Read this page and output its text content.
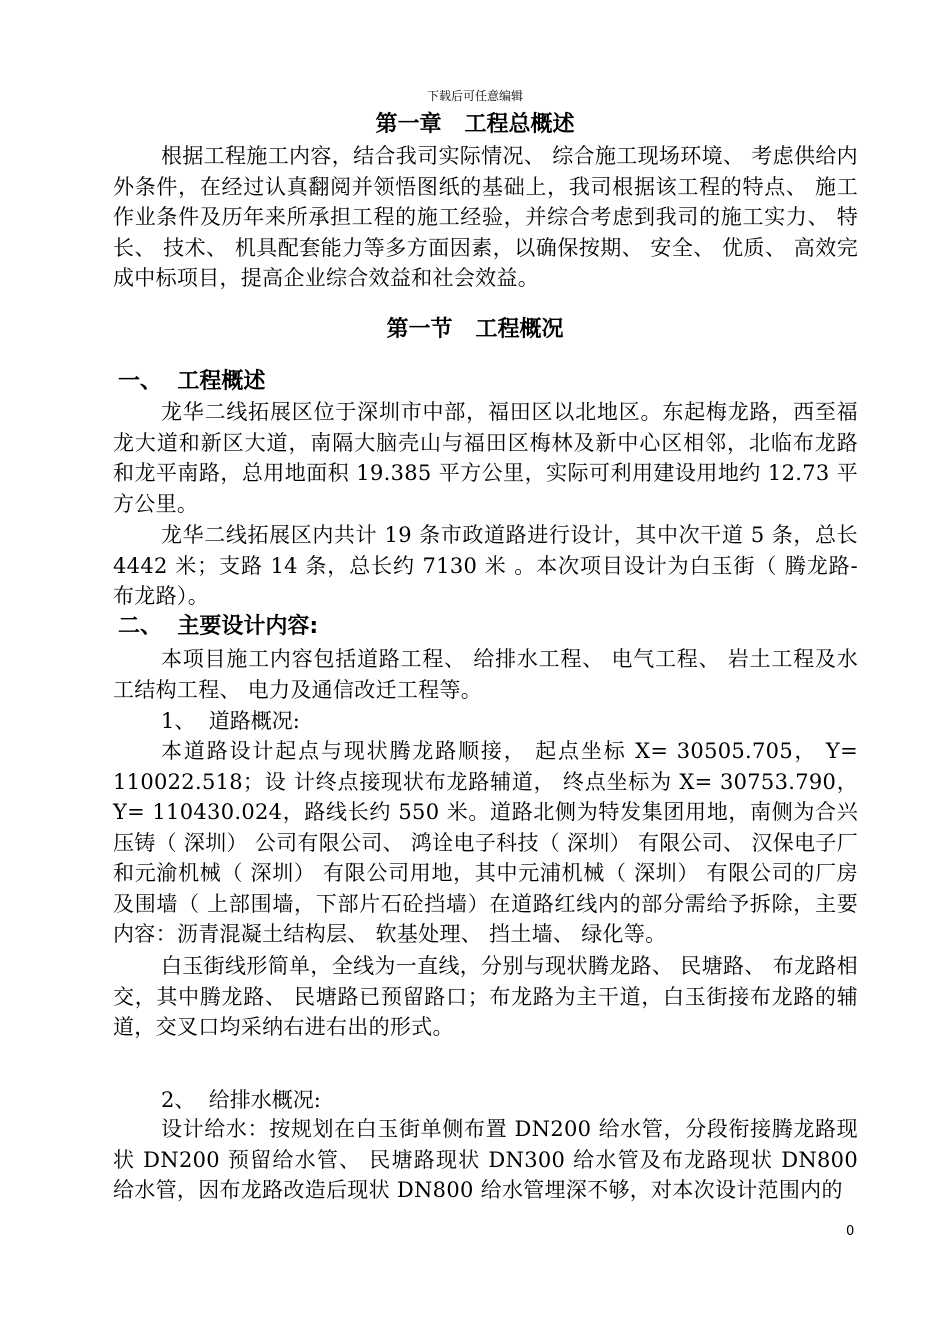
下载后可任意编辑
第一章   工程总概述

根据工程施工内容，结合我司实际情况、 综合施工现场环境、 考虑供给内外条件，在经过认真翻阅并领悟图纸的基础上，我司根据该工程的特点、 施工作业条件及历年来所承担工程的施工经验，并综合考虑到我司的施工实力、 特长、 技术、 机具配套能力等多方面因素，以确保按期、 安全、 优质、 高效完成中标项目，提高企业综合效益和社会效益。

第一节   工程概况
一、  工程概述

龙华二线拓展区位于深圳市中部，福田区以北地区。东起梅龙路，西至福龙大道和新区大道，南隔大脑壳山与福田区梅林及新中心区相邻，北临布龙路和龙平南路，总用地面积 19.385 平方公里，实际可利用建设用地约 12.73 平方公里。

龙华二线拓展区内共计 19 条市政道路进行设计，其中次干道 5 条，总长 4442 米；支路 14 条，总长约 7130 米 。本次项目设计为白玉街（ 腾龙路-布龙路）。

二、  主要设计内容:

本项目施工内容包括道路工程、 给排水工程、 电气工程、 岩土工程及水工结构工程、 电力及通信改迁工程等。

1、  道路概况:

本道路设计起点与现状腾龙路顺接， 起点坐标 X= 30505.705， Y= 110022.518；设 计终点接现状布龙路辅道， 终点坐标为 X= 30753.790，Y= 110430.024，路线长约 550 米。道路北侧为特发集团用地，南侧为合兴压铸（ 深圳） 公司有限公司、 鸿诠电子科技（ 深圳） 有限公司、 汉保电子厂和元渝机械（ 深圳） 有限公司用地，其中元浦机械（ 深圳） 有限公司的厂房及围墙（ 上部围墙，下部片石砼挡墙）在道路红线内的部分需给予拆除，主要内容：沥青混凝土结构层、 软基处理、 挡土墙、 绿化等。

白玉街线形简单，全线为一直线，分别与现状腾龙路、 民塘路、 布龙路相交，其中腾龙路、 民塘路已预留路口；布龙路为主干道，白玉街接布龙路的辅道，交叉口均采纳右进右出的形式。

2、  给排水概况:

设计给水：按规划在白玉街单侧布置 DN200 给水管，分段衔接腾龙路现状 DN200 预留给水管、 民塘路现状 DN300 给水管及布龙路现状 DN800 给水管，因布龙路改造后现状 DN800 给水管埋深不够，对本次设计范围内的

0
